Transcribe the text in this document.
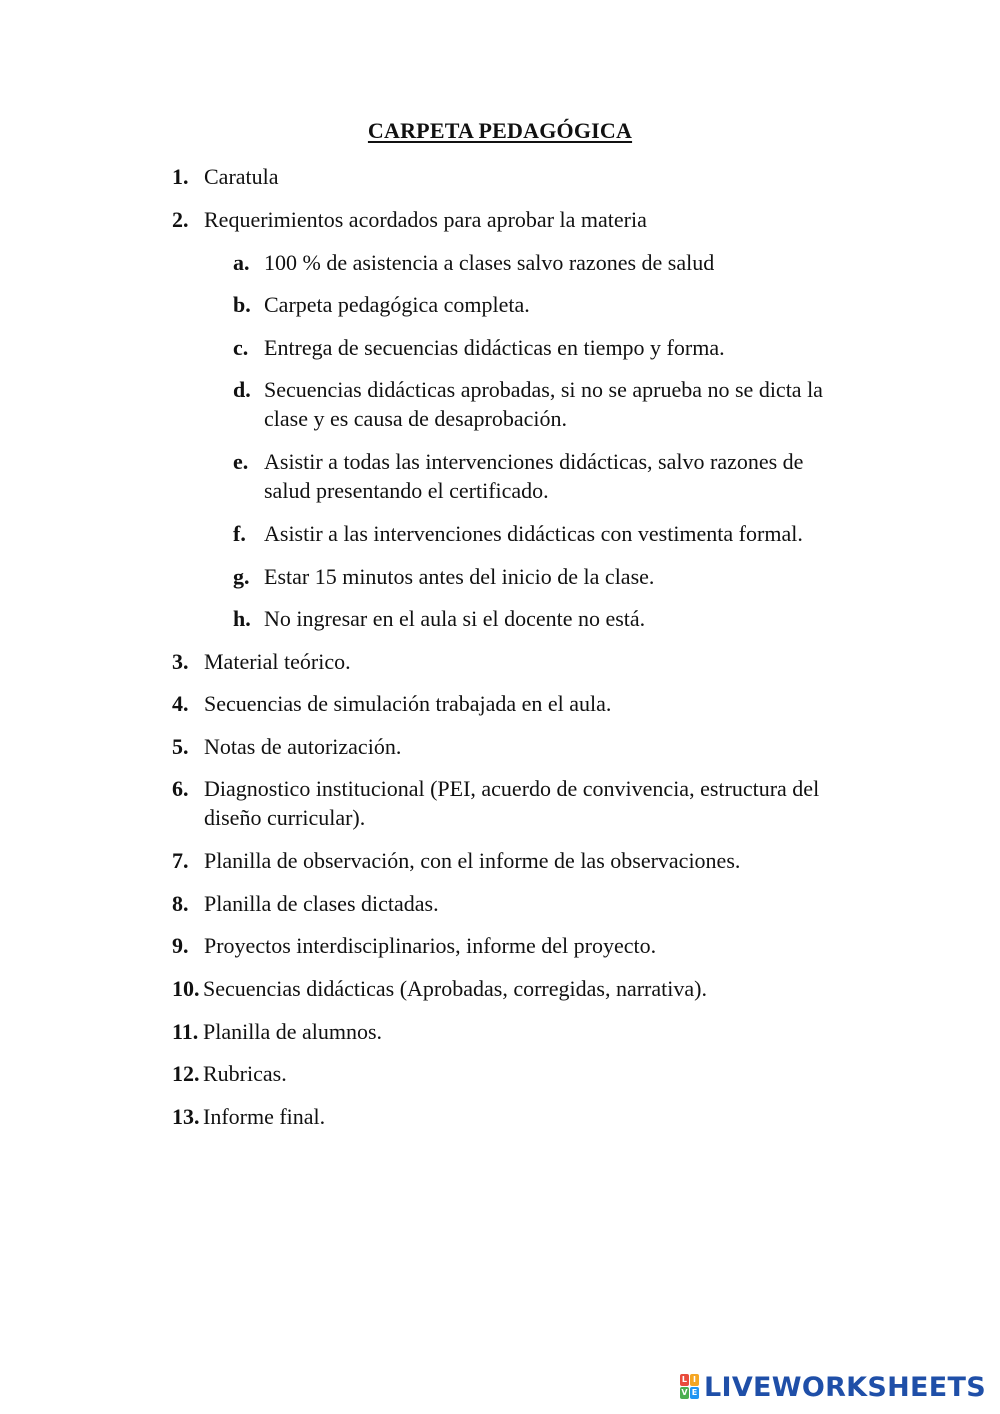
CARPETA PEDAGÓGICA
1. Caratula
2. Requerimientos acordados para aprobar la materia
a. 100 % de asistencia a clases salvo razones de salud
b. Carpeta pedagógica completa.
c. Entrega de secuencias didácticas en tiempo y forma.
d. Secuencias didácticas aprobadas, si no se aprueba no se dicta la clase y es causa de desaprobación.
e. Asistir a todas las intervenciones didácticas, salvo razones de salud presentando el certificado.
f. Asistir a las intervenciones didácticas con vestimenta formal.
g. Estar 15 minutos antes del inicio de la clase.
h. No ingresar en el aula si el docente no está.
3. Material teórico.
4. Secuencias de simulación trabajada en el aula.
5. Notas de autorización.
6. Diagnostico institucional (PEI, acuerdo de convivencia, estructura del diseño curricular).
7. Planilla de observación, con el informe de las observaciones.
8. Planilla de clases dictadas.
9. Proyectos interdisciplinarios, informe del proyecto.
10. Secuencias didácticas (Aprobadas, corregidas, narrativa).
11. Planilla de alumnos.
12. Rubricas.
13. Informe final.
L I
V E LIVEWORKSHEETS
